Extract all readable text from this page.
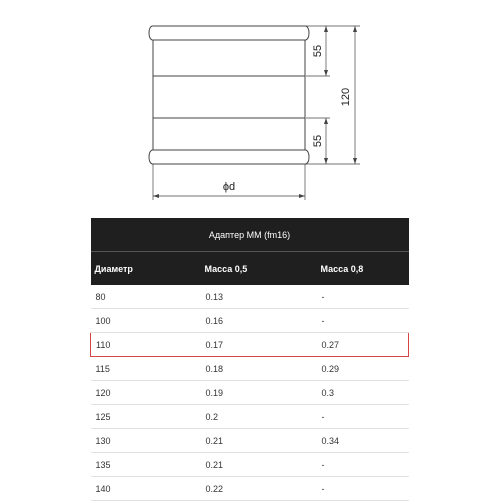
55
55
120
ϕd
Адаптер ММ (fm16)		
Диаметр	Масса 0,5	Масса 0,8
80	0.13	-
100	0.16	-
110	0.17	0.27
115	0.18	0.29
120	0.19	0.3
125	0.2	-
130	0.21	0.34
135	0.21	-
140	0.22	-
